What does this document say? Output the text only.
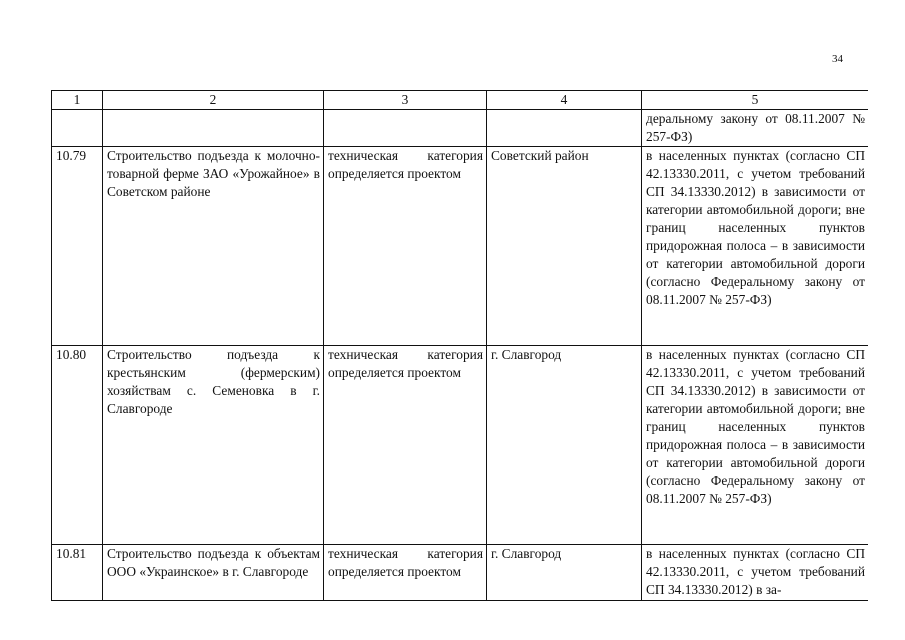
34
1	2	3	4	5
				деральному закону от 08.11.2007 № 257-ФЗ)
10.79	Строительство подъезда к молочно-товарной ферме ЗАО «Урожайное» в Советском районе	техническая категория определяется проектом	Советский район	в населенных пунктах (согласно СП 42.13330.2011, с учетом требований СП 34.13330.2012) в зависимости от категории автомобильной дороги; вне границ населенных пунктов придорожная полоса – в зависимости от категории автомобильной дороги (согласно Федеральному закону от 08.11.2007 № 257-ФЗ)
10.80	Строительство подъезда к крестьянским (фермерским) хозяйствам с. Семеновка в г. Славгороде	техническая категория определяется проектом	г. Славгород	в населенных пунктах (согласно СП 42.13330.2011, с учетом требований СП 34.13330.2012) в зависимости от категории автомобильной дороги; вне границ населенных пунктов придорожная полоса – в зависимости от категории автомобильной дороги (согласно Федеральному закону от 08.11.2007 № 257-ФЗ)
10.81	Строительство подъезда к объектам ООО «Украинское» в г. Славгороде	техническая категория определяется проектом	г. Славгород	в населенных пунктах (согласно СП 42.13330.2011, с учетом требований СП 34.13330.2012) в за-
